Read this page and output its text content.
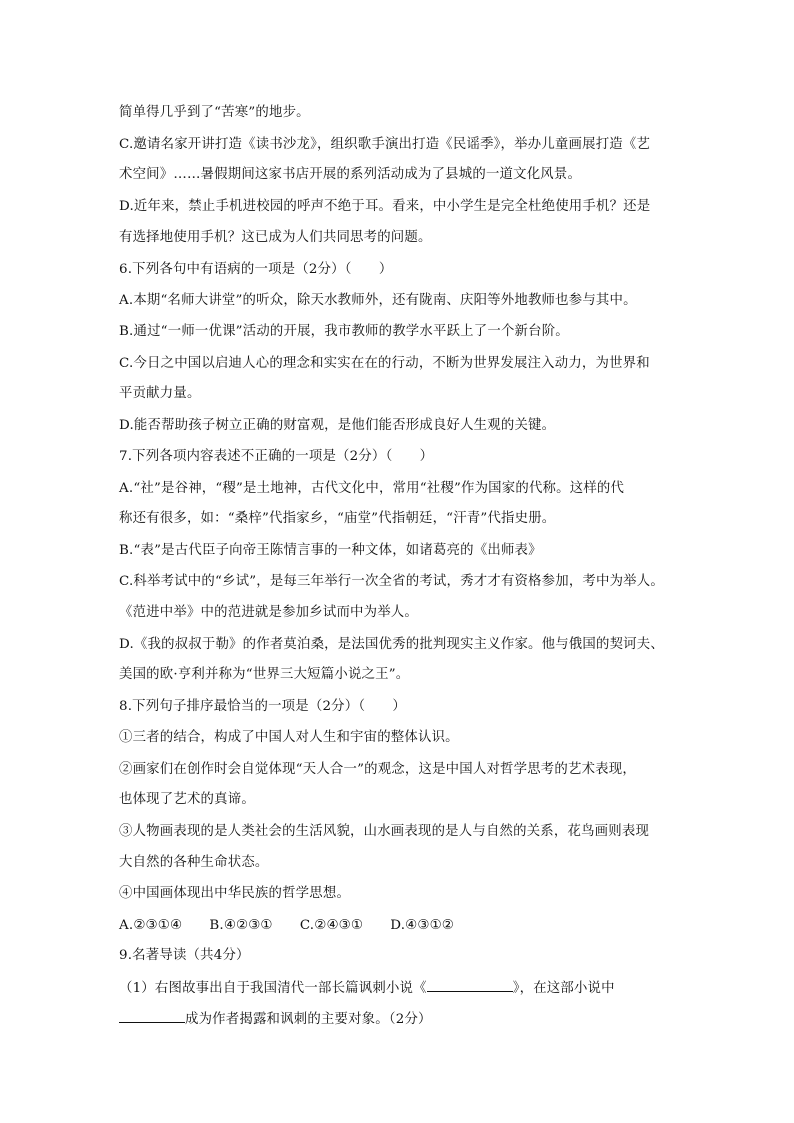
简单得几乎到了“苦寒”的地步。
C.邀请名家开讲打造《读书沙龙》，组织歌手演出打造《民谣季》，举办儿童画展打造《艺
术空间》……暑假期间这家书店开展的系列活动成为了县城的一道文化风景。
D.近年来，禁止手机进校园的呼声不绝于耳。看来，中小学生是完全杜绝使用手机？还是
有选择地使用手机？这已成为人们共同思考的问题。
6.下列各句中有语病的一项是（2分）（　　）
A.本期“名师大讲堂”的听众，除天水教师外，还有陇南、庆阳等外地教师也参与其中。
B.通过“一师一优课”活动的开展，我市教师的教学水平跃上了一个新台阶。
C.今日之中国以启迪人心的理念和实实在在的行动，不断为世界发展注入动力，为世界和
平贡献力量。
D.能否帮助孩子树立正确的财富观，是他们能否形成良好人生观的关键。
7.下列各项内容表述不正确的一项是（2分）（　　）
A.“社”是谷神，“稷”是土地神，古代文化中，常用“社稷”作为国家的代称。这样的代
称还有很多，如：“桑梓”代指家乡，“庙堂”代指朝廷，“汗青”代指史册。
B.“表”是古代臣子向帝王陈情言事的一种文体，如诸葛亮的《出师表》
C.科举考试中的“乡试”，是每三年举行一次全省的考试，秀才才有资格参加，考中为举人。
《范进中举》中的范进就是参加乡试而中为举人。
D.《我的叔叔于勒》的作者莫泊桑，是法国优秀的批判现实主义作家。他与俄国的契诃夫、
美国的欧·亨利并称为“世界三大短篇小说之王”。
8.下列句子排序最恰当的一项是（2分）（　　）
①三者的结合，构成了中国人对人生和宇宙的整体认识。
②画家们在创作时会自觉体现“天人合一”的观念，这是中国人对哲学思考的艺术表现，
也体现了艺术的真谛。
③人物画表现的是人类社会的生活风貌，山水画表现的是人与自然的关系，花鸟画则表现
大自然的各种生命状态。
④中国画体现出中华民族的哲学思想。
A.②③①④　　B.④②③①　　C.②④③①　　D.④③①②
9.名著导读（共4分）
（1）右图故事出自于我国清代一部长篇讽刺小说《	》，在这部小说中
成为作者揭露和讽刺的主要对象。（2分）
